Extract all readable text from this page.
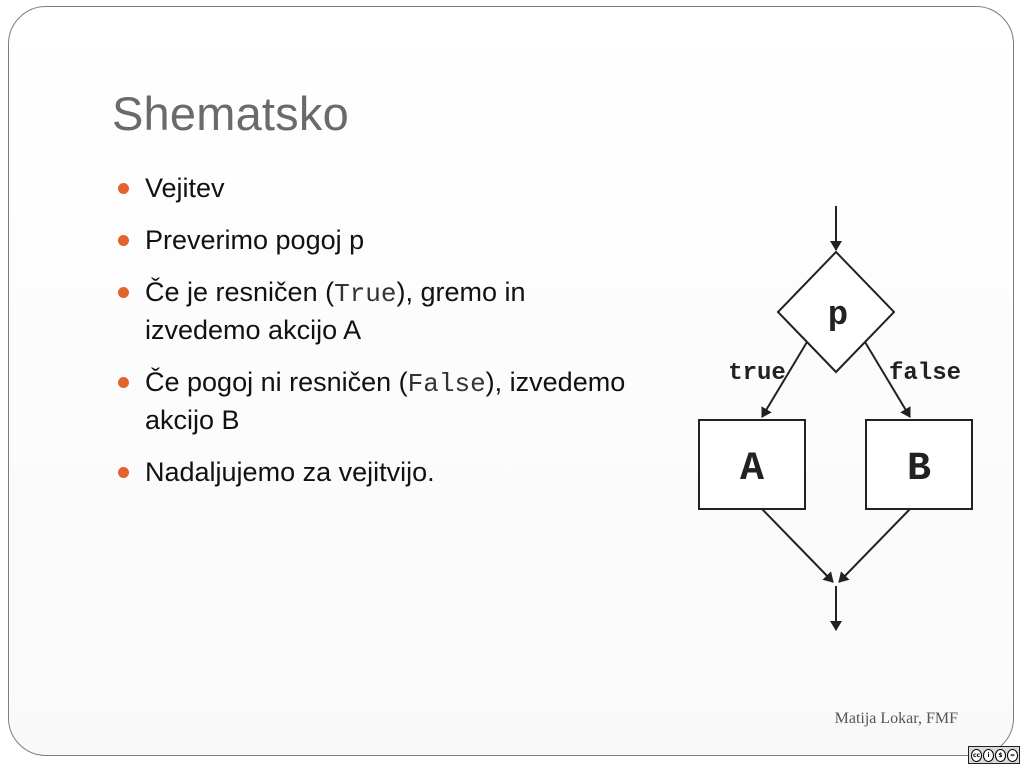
Shematsko
Vejitev
Preverimo pogoj p
Če je resničen (True), gremo in izvedemo akcijo A
Če pogoj ni resničen (False), izvedemo akcijo B
Nadaljujemo za vejitvijo.
p
true	false
A	B
Matija Lokar, FMF
cc	i	$	=
